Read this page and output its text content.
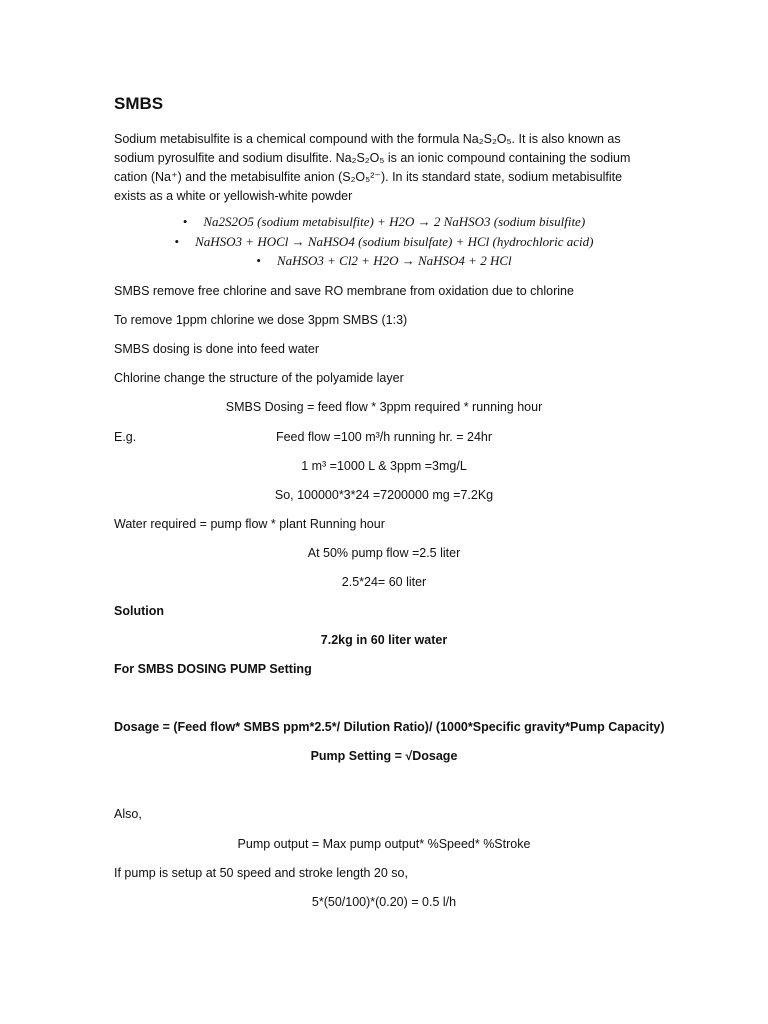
SMBS
Sodium metabisulfite is a chemical compound with the formula Na₂S₂O₅. It is also known as sodium pyrosulfite and sodium disulfite. Na₂S₂O₅ is an ionic compound containing the sodium cation (Na⁺) and the metabisulfite anion (S₂O₅²⁻). In its standard state, sodium metabisulfite exists as a white or yellowish-white powder
• Na2S2O5 (sodium metabisulfite) + H2O → 2 NaHSO3 (sodium bisulfite)
• NaHSO3 + HOCl → NaHSO4 (sodium bisulfate) + HCl (hydrochloric acid)
• NaHSO3 + Cl2 + H2O → NaHSO4 + 2 HCl
SMBS remove free chlorine and save RO membrane from oxidation due to chlorine
To remove 1ppm chlorine we dose 3ppm SMBS (1:3)
SMBS dosing is done into feed water
Chlorine change the structure of the polyamide layer
SMBS Dosing = feed flow * 3ppm required * running hour
E.g.	Feed flow =100 m³/h running hr. = 24hr
1 m³ =1000 L & 3ppm =3mg/L
So, 100000*3*24 =7200000 mg =7.2Kg
Water required = pump flow * plant Running hour
At 50% pump flow =2.5 liter
2.5*24= 60 liter
Solution
7.2kg in 60 liter water
For SMBS DOSING PUMP Setting
Dosage = (Feed flow* SMBS ppm*2.5*/ Dilution Ratio)/ (1000*Specific gravity*Pump Capacity)
Pump Setting = √Dosage
Also,
Pump output = Max pump output* %Speed* %Stroke
If pump is setup at 50 speed and stroke length 20 so,
5*(50/100)*(0.20) = 0.5 l/h
